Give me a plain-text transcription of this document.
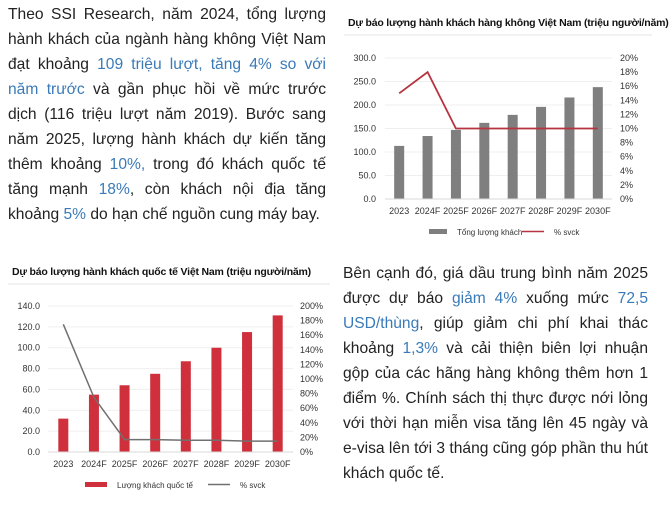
Theo SSI Research, năm 2024, tổng lượng hành khách của ngành hàng không Việt Nam đạt khoảng 109 triệu lượt, tăng 4% so với năm trước và gần phục hồi về mức trước dịch (116 triệu lượt năm 2019). Bước sang năm 2025, lượng hành khách dự kiến tăng thêm khoảng 10%, trong đó khách quốc tế tăng mạnh 18%, còn khách nội địa tăng khoảng 5% do hạn chế nguồn cung máy bay.
Dự báo lượng hành khách hàng không Việt Nam (triệu người/năm)
0.0
50.0
100.0
150.0
200.0
250.0
300.0
0%
2%
4%
6%
8%
10%
12%
14%
16%
18%
20%
2023 2024F 2025F 2026F 2027F 2028F 2029F 2030F
Tổng lượng khách	% svck
Dự báo lượng hành khách quốc tế Việt Nam (triệu người/năm)
0.0
20.0
40.0
60.0
80.0
100.0
120.0
140.0
0%
20%
40%
60%
80%
100%
120%
140%
160%
180%
200%
2023 2024F 2025F 2026F 2027F 2028F 2029F 2030F
Lượng khách quốc tế	% svck
Bên cạnh đó, giá dầu trung bình năm 2025 được dự báo giảm 4% xuống mức 72,5 USD/thùng, giúp giảm chi phí khai thác khoảng 1,3% và cải thiện biên lợi nhuận gộp của các hãng hàng không thêm hơn 1 điểm %. Chính sách thị thực được nới lỏng với thời hạn miễn visa tăng lên 45 ngày và e-visa lên tới 3 tháng cũng góp phần thu hút khách quốc tế.
